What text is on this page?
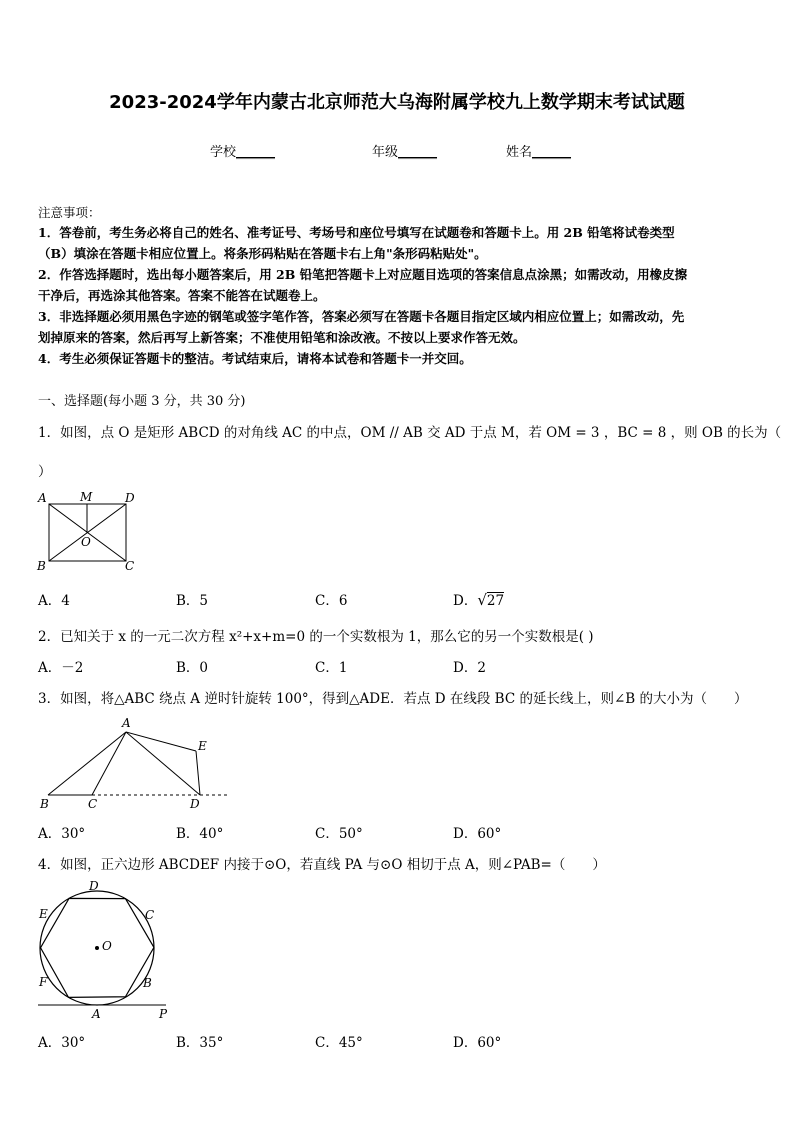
2023-2024学年内蒙古北京师范大乌海附属学校九上数学期末考试试题
学校______	年级______	姓名______
注意事项：
1．答卷前，考生务必将自己的姓名、准考证号、考场号和座位号填写在试题卷和答题卡上。用 2B 铅笔将试卷类型
（B）填涂在答题卡相应位置上。将条形码粘贴在答题卡右上角"条形码粘贴处"。
2．作答选择题时，选出每小题答案后，用 2B 铅笔把答题卡上对应题目选项的答案信息点涂黑；如需改动，用橡皮擦
干净后，再选涂其他答案。答案不能答在试题卷上。
3．非选择题必须用黑色字迹的钢笔或签字笔作答，答案必须写在答题卡各题目指定区域内相应位置上；如需改动，先
划掉原来的答案，然后再写上新答案；不准使用铅笔和涂改液。不按以上要求作答无效。
4．考生必须保证答题卡的整洁。考试结束后，请将本试卷和答题卡一并交回。
一、选择题(每小题 3 分，共 30 分)
1．如图，点 O 是矩形 ABCD 的对角线 AC 的中点，OM // AB 交 AD 于点 M，若 OM = 3 ，BC = 8 ，则 OB 的长为（
）
A	M	D
O
B	C
A．4	B．5	C．6	D．√27
2．已知关于 x 的一元二次方程 x²+x+m=0 的一个实数根为 1，那么它的另一个实数根是( )
A．－2	B．0	C．1	D．2
3．如图，将△ABC 绕点 A 逆时针旋转 100°，得到△ADE．若点 D 在线段 BC 的延长线上，则∠B 的大小为（　　）
A
E
B	C	D
A．30°	B．40°	C．50°	D．60°
4．如图，正六边形 ABCDEF 内接于⊙O，若直线 PA 与⊙O 相切于点 A，则∠PAB=（　　）
D
E	C
O
F	B
A	P
A．30°	B．35°	C．45°	D．60°
